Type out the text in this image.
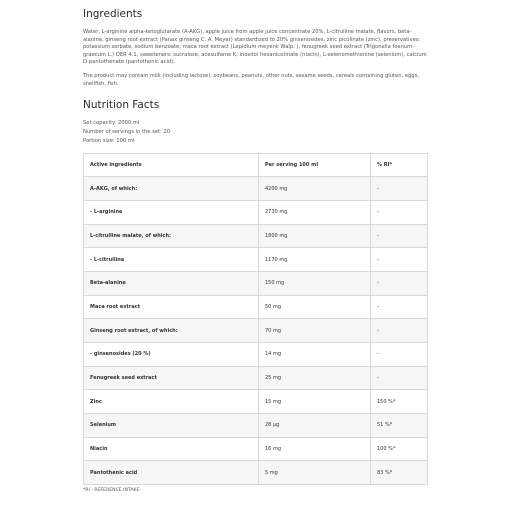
Ingredients

Water, L-arginine alpha-ketoglutarate (A-AKG), apple juice from apple juice concentrate 20%, L-citrulline malate, flavors, beta-alanine, ginseng root extract (Panax ginseng C. A. Meyer) standardized to 20% ginsenosides, zinc picolinate (zinc), preservatives: potassium sorbate, sodium benzoate; maca root extract (Lepidium meyenii Walp. ), fenugreek seed extract (Trigonella foenum-graecum L.) DER 4:1, sweeteners: sucralose, acesulfame K; inositol hexanicotinate (niacin), L-selenomethionine (selenium), calcium D-pantothenate (pantothenic acid).

The product may contain milk (including lactose), soybeans, peanuts, other nuts, sesame seeds, cereals containing gluten, eggs, shellfish, fish.

Nutrition Facts

Set capacity: 2000 ml

Number of servings in the set: 20

Portion size: 100 ml

Active ingredients	Per serving 100 ml	% RI*
A-AKG, of which:	4200 mg	-
- L-arginine	2730 mg	-
L-citrulline malate, of which:	1800 mg	-
- L-citrulline	1170 mg	-
Beta-alanine	150 mg	-
Maca root extract	50 mg	-
Ginseng root extract, of which:	70 mg	-
- ginsenosides (20 %)	14 mg	-
Fenugreek seed extract	25 mg	-
Zinc	15 mg	150 %*
Selenium	28 µg	51 %*
Niacin	16 mg	100 %*
Pantothenic acid	5 mg	83 %*
*RI - REFERENCE INTAKE
